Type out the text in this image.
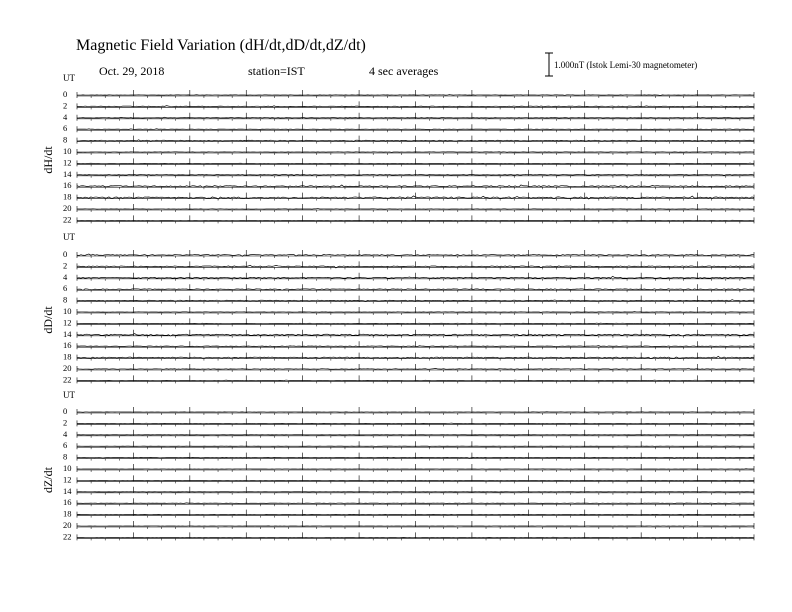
Magnetic Field Variation (dH/dt,dD/dt,dZ/dt)
Oct. 29, 2018	station=IST	4 sec averages	1.000nT (Istok Lemi-30 magnetometer)
UT
dH/dt
0
2
4
6
8
10
12
14
16
18
20
22
UT
dD/dt
0
2
4
6
8
10
12
14
16
18
20
22
UT
dZ/dt
0
2
4
6
8
10
12
14
16
18
20
22
